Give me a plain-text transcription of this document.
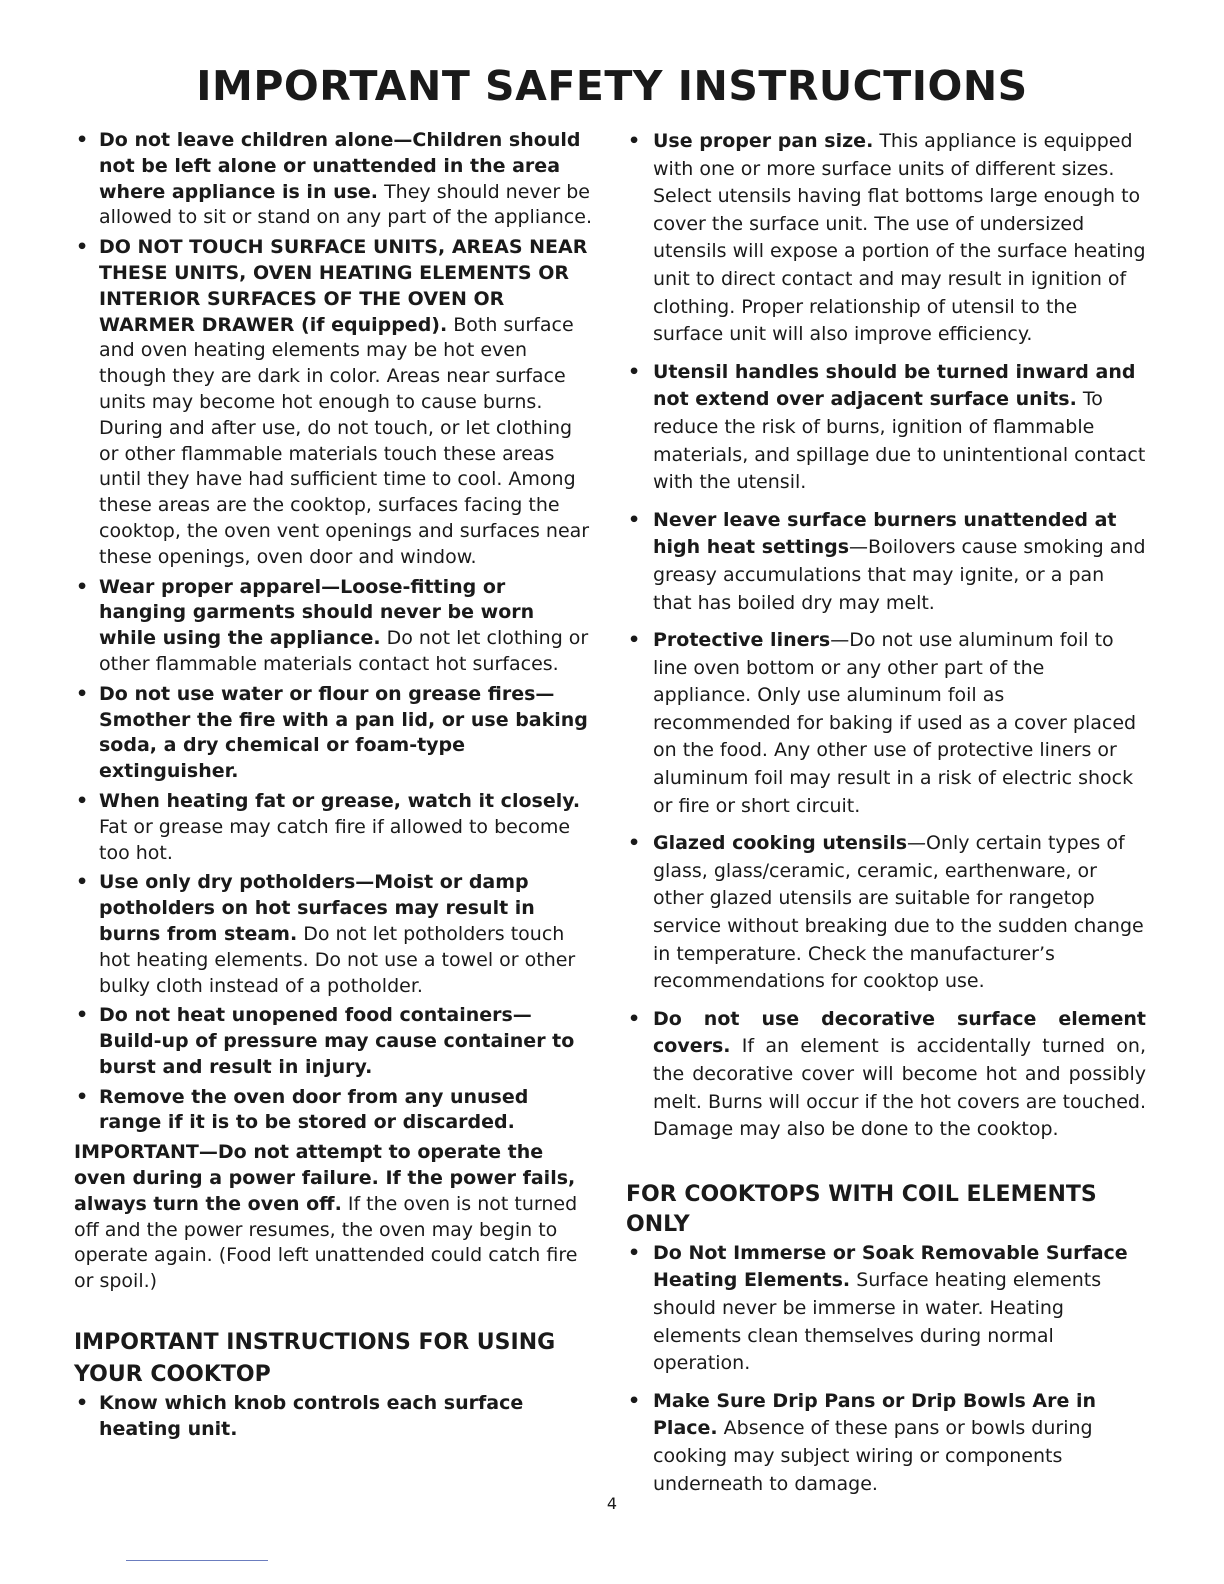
IMPORTANT SAFETY INSTRUCTIONS
• Do not leave children alone—Children should not be left alone or unattended in the area where appliance is in use. They should never be allowed to sit or stand on any part of the appliance.
• DO NOT TOUCH SURFACE UNITS, AREAS NEAR THESE UNITS, OVEN HEATING ELEMENTS OR INTERIOR SURFACES OF THE OVEN OR WARMER DRAWER (if equipped). Both surface and oven heating elements may be hot even though they are dark in color. Areas near surface units may become hot enough to cause burns. During and after use, do not touch, or let clothing or other flammable materials touch these areas until they have had sufficient time to cool. Among these areas are the cooktop, surfaces facing the cooktop, the oven vent openings and surfaces near these openings, oven door and window.
• Wear proper apparel—Loose-fitting or hanging garments should never be worn while using the appliance. Do not let clothing or other flammable materials contact hot surfaces.
• Do not use water or flour on grease fires—Smother the fire with a pan lid, or use baking soda, a dry chemical or foam-type extinguisher.
• When heating fat or grease, watch it closely. Fat or grease may catch fire if allowed to become too hot.
• Use only dry potholders—Moist or damp potholders on hot surfaces may result in burns from steam. Do not let potholders touch hot heating elements. Do not use a towel or other bulky cloth instead of a potholder.
• Do not heat unopened food containers—Build-up of pressure may cause container to burst and result in injury.
• Remove the oven door from any unused range if it is to be stored or discarded.

IMPORTANT—Do not attempt to operate the oven during a power failure. If the power fails, always turn the oven off. If the oven is not turned off and the power resumes, the oven may begin to operate again. (Food left unattended could catch fire or spoil.)

IMPORTANT INSTRUCTIONS FOR USING YOUR COOKTOP
• Know which knob controls each surface heating unit.
• Use proper pan size. This appliance is equipped with one or more surface units of different sizes. Select utensils having flat bottoms large enough to cover the surface unit. The use of undersized utensils will expose a portion of the surface heating unit to direct contact and may result in ignition of clothing. Proper relationship of utensil to the surface unit will also improve efficiency.
• Utensil handles should be turned inward and not extend over adjacent surface units. To reduce the risk of burns, ignition of flammable materials, and spillage due to unintentional contact with the utensil.
• Never leave surface burners unattended at high heat settings—Boilovers cause smoking and greasy accumulations that may ignite, or a pan that has boiled dry may melt.
• Protective liners—Do not use aluminum foil to line oven bottom or any other part of the appliance. Only use aluminum foil as recommended for baking if used as a cover placed on the food. Any other use of protective liners or aluminum foil may result in a risk of electric shock or fire or short circuit.
• Glazed cooking utensils—Only certain types of glass, glass/ceramic, ceramic, earthenware, or other glazed utensils are suitable for rangetop service without breaking due to the sudden change in temperature. Check the manufacturer’s recommendations for cooktop use.
• Do not use decorative surface element covers. If an element is accidentally turned on, the decorative cover will become hot and possibly melt. Burns will occur if the hot covers are touched. Damage may also be done to the cooktop.
FOR COOKTOPS WITH COIL ELEMENTS ONLY
• Do Not Immerse or Soak Removable Surface Heating Elements. Surface heating elements should never be immerse in water. Heating elements clean themselves during normal operation.
• Make Sure Drip Pans or Drip Bowls Are in Place. Absence of these pans or bowls during cooking may subject wiring or components underneath to damage.

4
